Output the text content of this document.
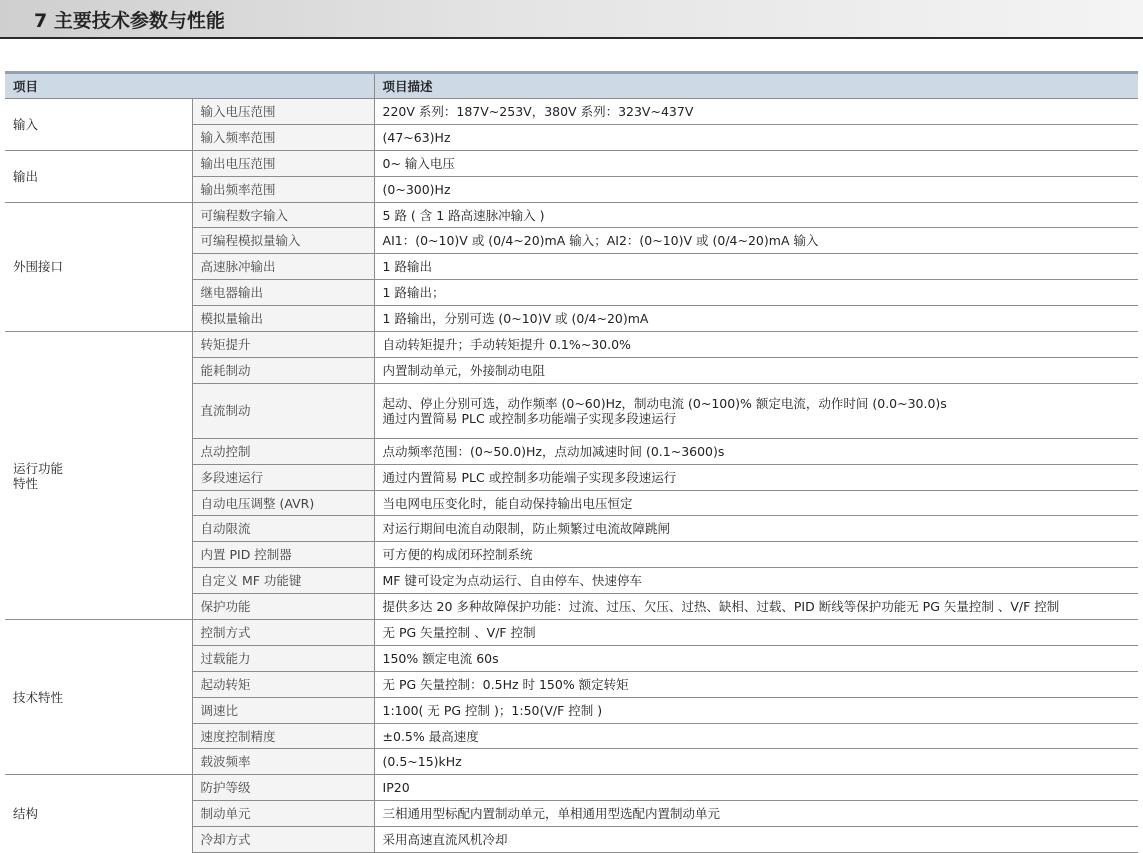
7 主要技术参数与性能
项目		项目描述

输入	输入电压范围	220V 系列：187V~253V，380V 系列：323V~437V

	输入频率范围	(47~63)Hz

输出	输出电压范围	0~ 输入电压

	输出频率范围	(0~300)Hz

外围接口	可编程数字输入	5 路 ( 含 1 路高速脉冲输入 )

	可编程模拟量输入	AI1：(0~10)V 或 (0/4~20)mA 输入；AI2：(0~10)V 或 (0/4~20)mA 输入

	高速脉冲输出	1 路输出

	继电器输出	1 路输出；

	模拟量输出	1 路输出，分别可选 (0~10)V 或 (0/4~20)mA

运行功能
特性	转矩提升	自动转矩提升；手动转矩提升 0.1%~30.0%

	能耗制动	内置制动单元，外接制动电阻

	直流制动	起动、停止分别可选，动作频率 (0~60)Hz，制动电流 (0~100)% 额定电流，动作时间 (0.0~30.0)s
通过内置简易 PLC 或控制多功能端子实现多段速运行

	点动控制	点动频率范围：(0~50.0)Hz，点动加减速时间 (0.1~3600)s

	多段速运行	通过内置简易 PLC 或控制多功能端子实现多段速运行

	自动电压调整 (AVR)	当电网电压变化时，能自动保持输出电压恒定

	自动限流	对运行期间电流自动限制，防止频繁过电流故障跳闸

	内置 PID 控制器	可方便的构成闭环控制系统

	自定义 MF 功能键	MF 键可设定为点动运行、自由停车、快速停车

	保护功能	提供多达 20 多种故障保护功能：过流、过压、欠压、过热、缺相、过载、PID 断线等保护功能无 PG 矢量控制 、V/F 控制

技术特性	控制方式	无 PG 矢量控制 、V/F 控制

	过载能力	150% 额定电流 60s

	起动转矩	无 PG 矢量控制：0.5Hz 时 150% 额定转矩

	调速比	1:100( 无 PG 控制 )；1:50(V/F 控制 )

	速度控制精度	±0.5% 最高速度

	载波频率	(0.5~15)kHz

结构	防护等级	IP20

	制动单元	三相通用型标配内置制动单元，单相通用型选配内置制动单元

	冷却方式	采用高速直流风机冷却
